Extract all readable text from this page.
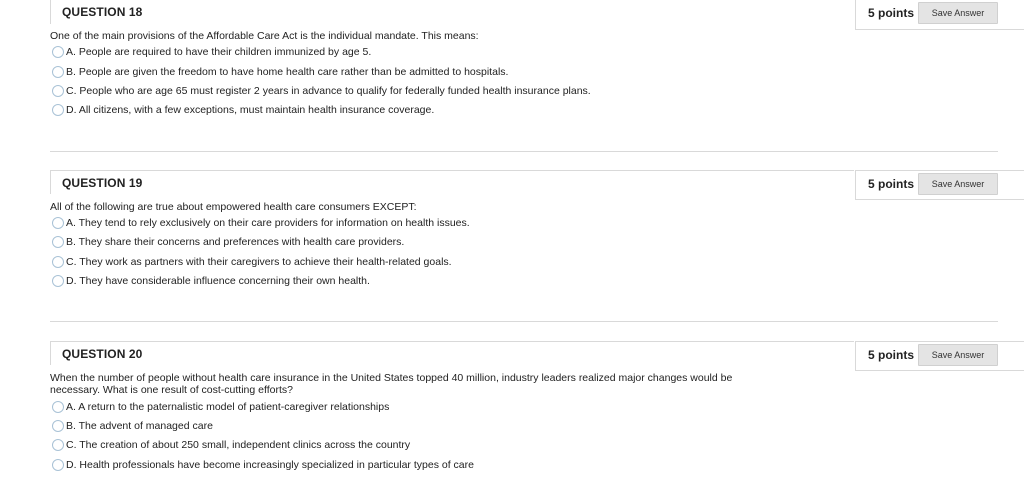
QUESTION 18	5 points	Save Answer
One of the main provisions of the Affordable Care Act is the individual mandate. This means:
A. People are required to have their children immunized by age 5.
B. People are given the freedom to have home health care rather than be admitted to hospitals.
C. People who are age 65 must register 2 years in advance to qualify for federally funded health insurance plans.
D. All citizens, with a few exceptions, must maintain health insurance coverage.
QUESTION 19	5 points	Save Answer
All of the following are true about empowered health care consumers EXCEPT:
A. They tend to rely exclusively on their care providers for information on health issues.
B. They share their concerns and preferences with health care providers.
C. They work as partners with their caregivers to achieve their health-related goals.
D. They have considerable influence concerning their own health.
QUESTION 20	5 points	Save Answer
When the number of people without health care insurance in the United States topped 40 million, industry leaders realized major changes would be necessary. What is one result of cost-cutting efforts?
A. A return to the paternalistic model of patient-caregiver relationships
B. The advent of managed care
C. The creation of about 250 small, independent clinics across the country
D. Health professionals have become increasingly specialized in particular types of care
